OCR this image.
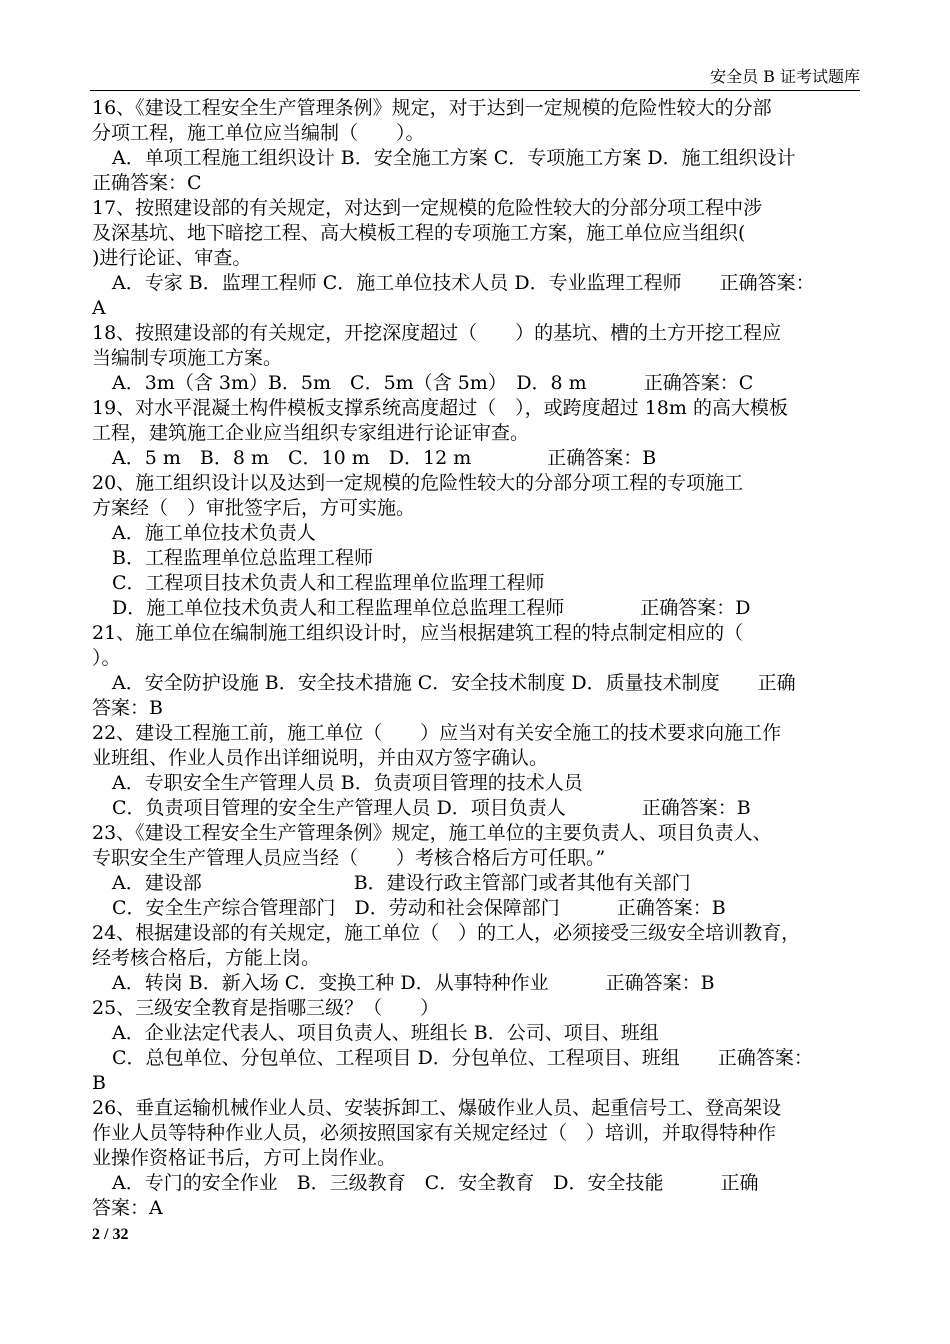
安全员 B 证考试题库
16、《建设工程安全生产管理条例》规定，对于达到一定规模的危险性较大的分部
分项工程，施工单位应当编制（　　）。
A．单项工程施工组织设计 B．安全施工方案 C．专项施工方案 D．施工组织设计
正确答案：C
17、按照建设部的有关规定，对达到一定规模的危险性较大的分部分项工程中涉
及深基坑、地下暗挖工程、高大模板工程的专项施工方案，施工单位应当组织(
)进行论证、审查。
A．专家 B．监理工程师 C．施工单位技术人员 D．专业监理工程师　　正确答案：
A
18、按照建设部的有关规定，开挖深度超过（　　）的基坑、槽的土方开挖工程应
当编制专项施工方案。
A．3m（含 3m）B．5m　C．5m（含 5m）　D．8 m　　　正确答案：C
19、对水平混凝土构件模板支撑系统高度超过（　），或跨度超过 18m 的高大模板
工程，建筑施工企业应当组织专家组进行论证审查。
A．5 m　B．8 m　C．10 m　D．12 m　　　　正确答案：B
20、施工组织设计以及达到一定规模的危险性较大的分部分项工程的专项施工
方案经（　）审批签字后，方可实施。
A．施工单位技术负责人
B．工程监理单位总监理工程师
C．工程项目技术负责人和工程监理单位监理工程师
D．施工单位技术负责人和工程监理单位总监理工程师　　　　正确答案：D
21、施工单位在编制施工组织设计时，应当根据建筑工程的特点制定相应的（
）。
A．安全防护设施 B．安全技术措施 C．安全技术制度 D．质量技术制度　　正确
答案：B
22、建设工程施工前，施工单位（　　）应当对有关安全施工的技术要求向施工作
业班组、作业人员作出详细说明，并由双方签字确认。
A．专职安全生产管理人员 B．负责项目管理的技术人员
C．负责项目管理的安全生产管理人员 D．项目负责人　　　　正确答案：B
23、《建设工程安全生产管理条例》规定，施工单位的主要负责人、项目负责人、
专职安全生产管理人员应当经（　　）考核合格后方可任职。”
A．建设部　　　　　　　　B．建设行政主管部门或者其他有关部门
C．安全生产综合管理部门　D．劳动和社会保障部门　　　正确答案：B
24、根据建设部的有关规定，施工单位（　）的工人，必须接受三级安全培训教育，
经考核合格后，方能上岗。
A．转岗 B．新入场 C．变换工种 D．从事特种作业　　　正确答案：B
25、三级安全教育是指哪三级？（　　）
A．企业法定代表人、项目负责人、班组长 B．公司、项目、班组
C．总包单位、分包单位、工程项目 D．分包单位、工程项目、班组　　正确答案：
B
26、垂直运输机械作业人员、安装拆卸工、爆破作业人员、起重信号工、登高架设
作业人员等特种作业人员，必须按照国家有关规定经过（　）培训，并取得特种作
业操作资格证书后，方可上岗作业。
A．专门的安全作业　B．三级教育　C．安全教育　D．安全技能　　　正确
答案：A
2 / 32
